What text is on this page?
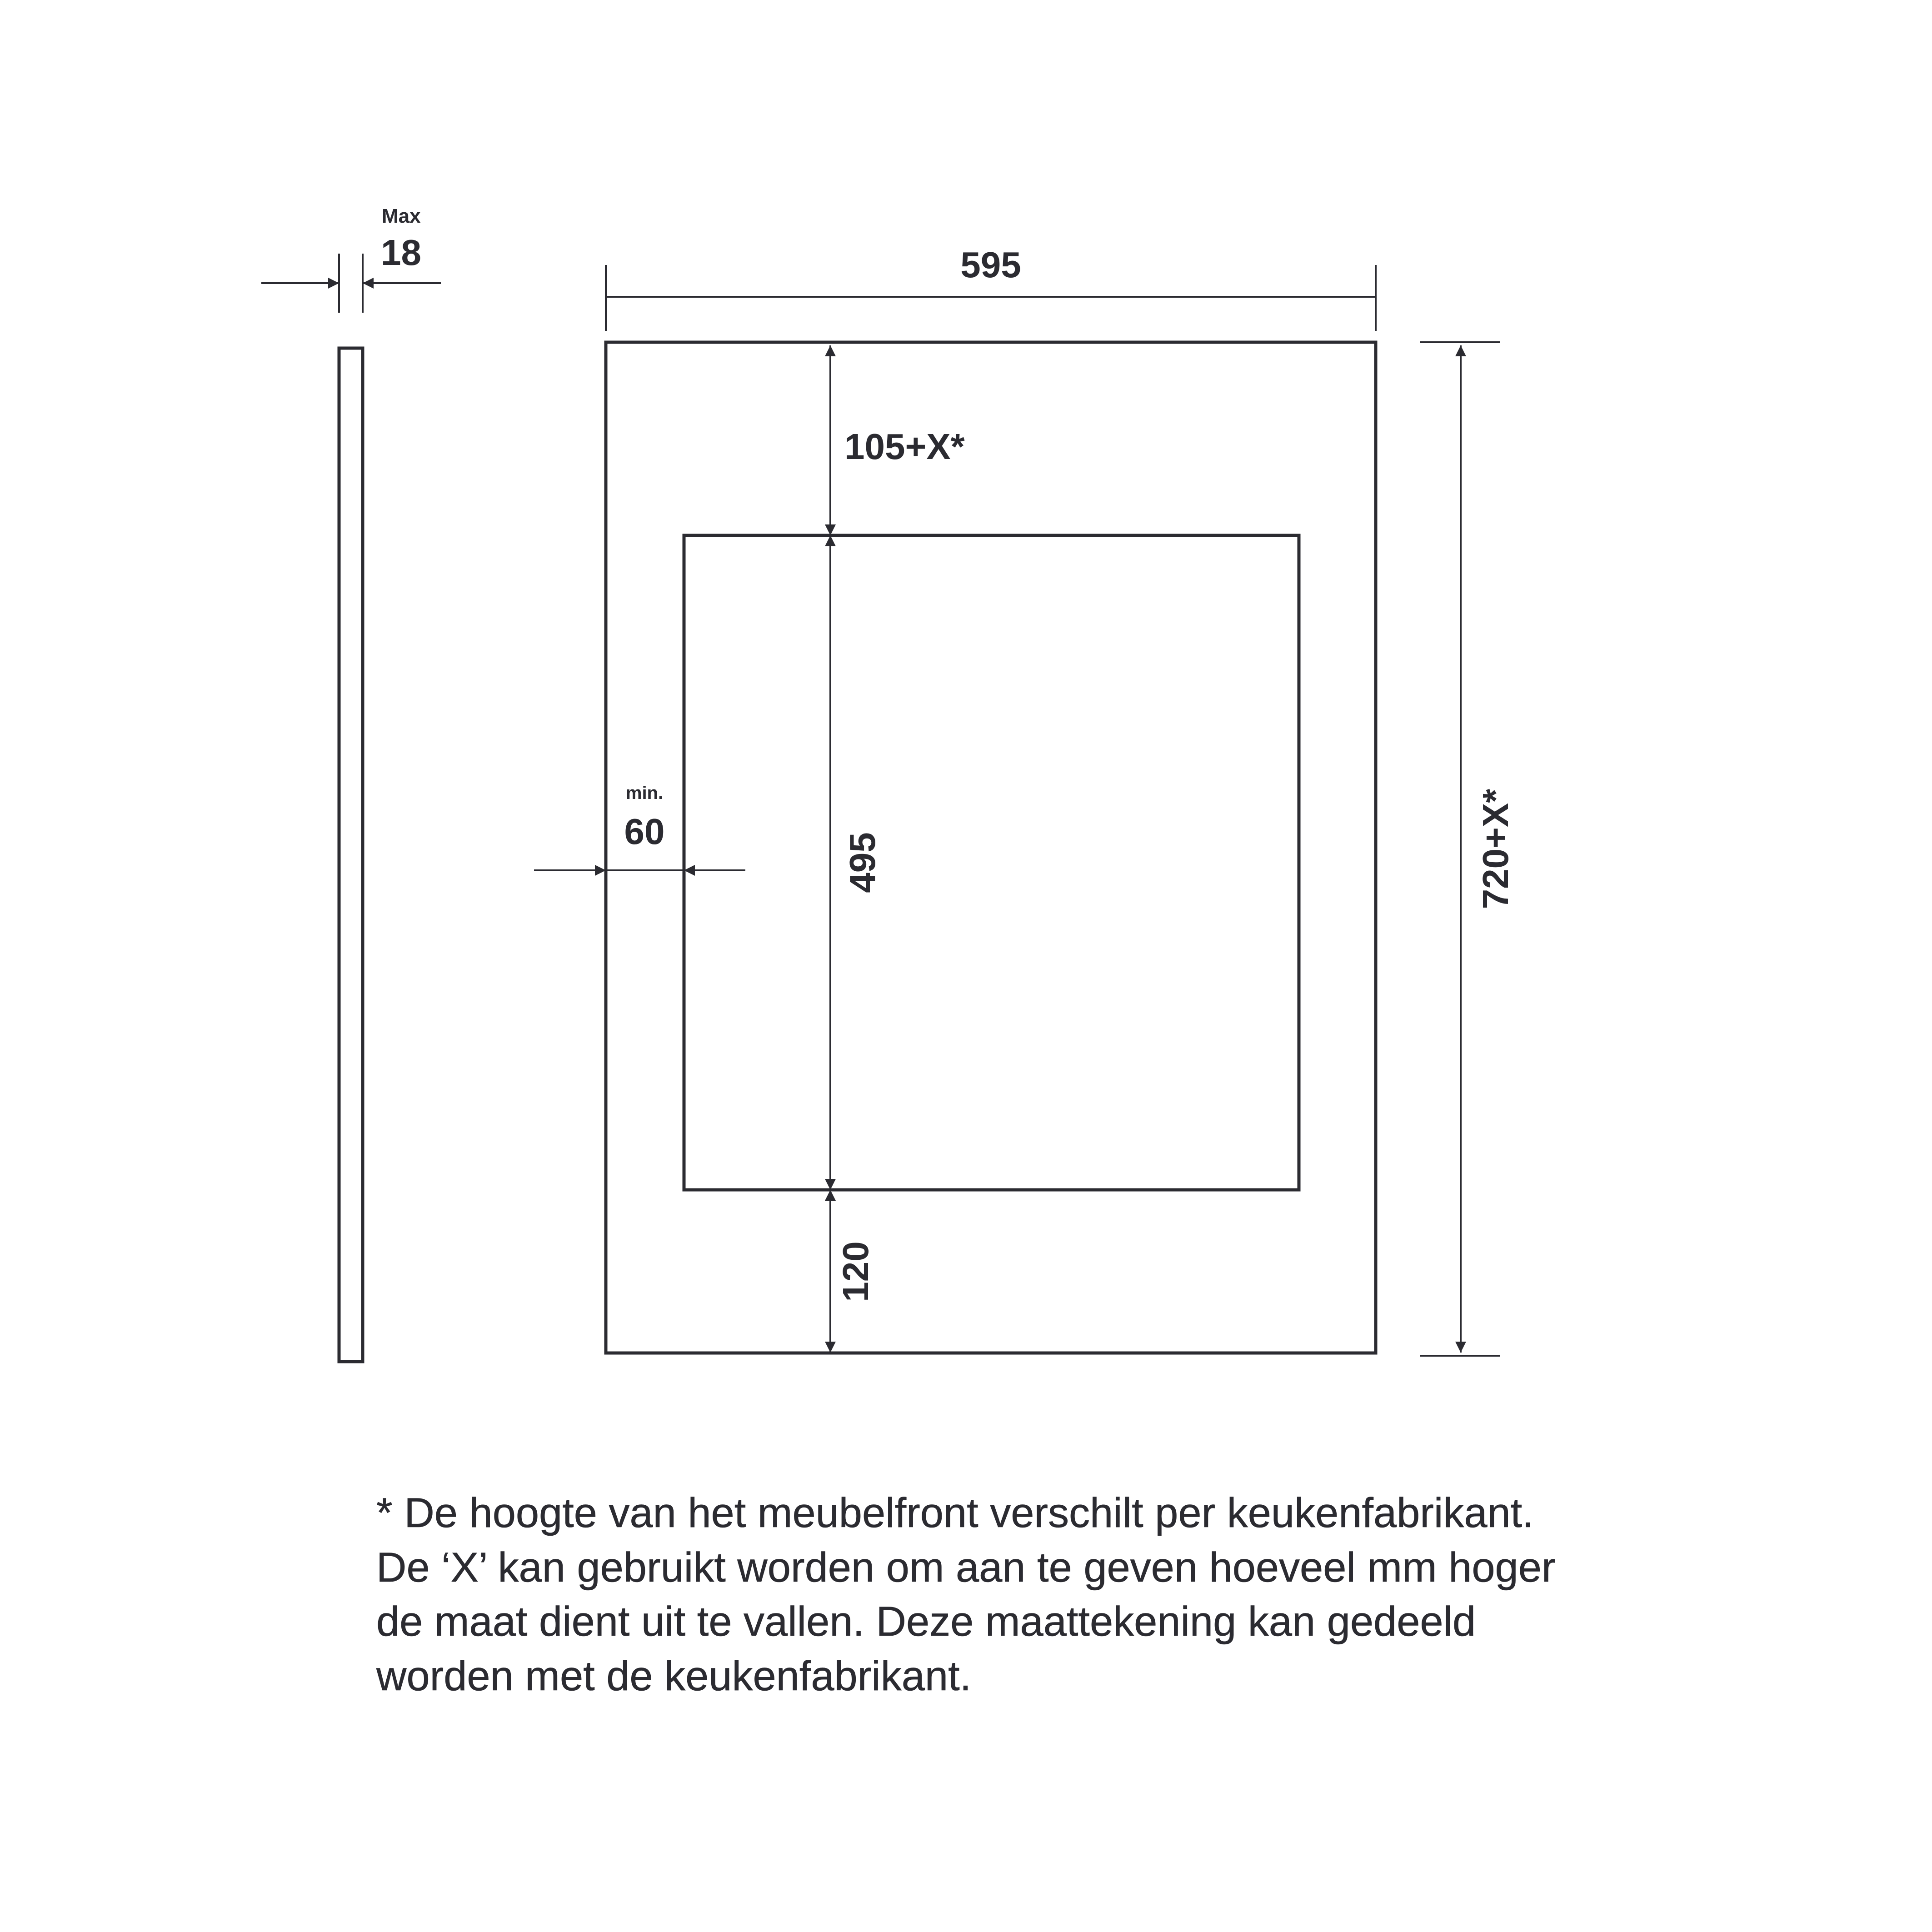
Max
18	595
720+X*
105+X*
495
120
min.
60
* De hoogte van het meubelfront verschilt per keukenfabrikant.
De ‘X’ kan gebruikt worden om aan te geven hoeveel mm hoger
de maat dient uit te vallen. Deze maattekening kan gedeeld
worden met de keukenfabrikant.
